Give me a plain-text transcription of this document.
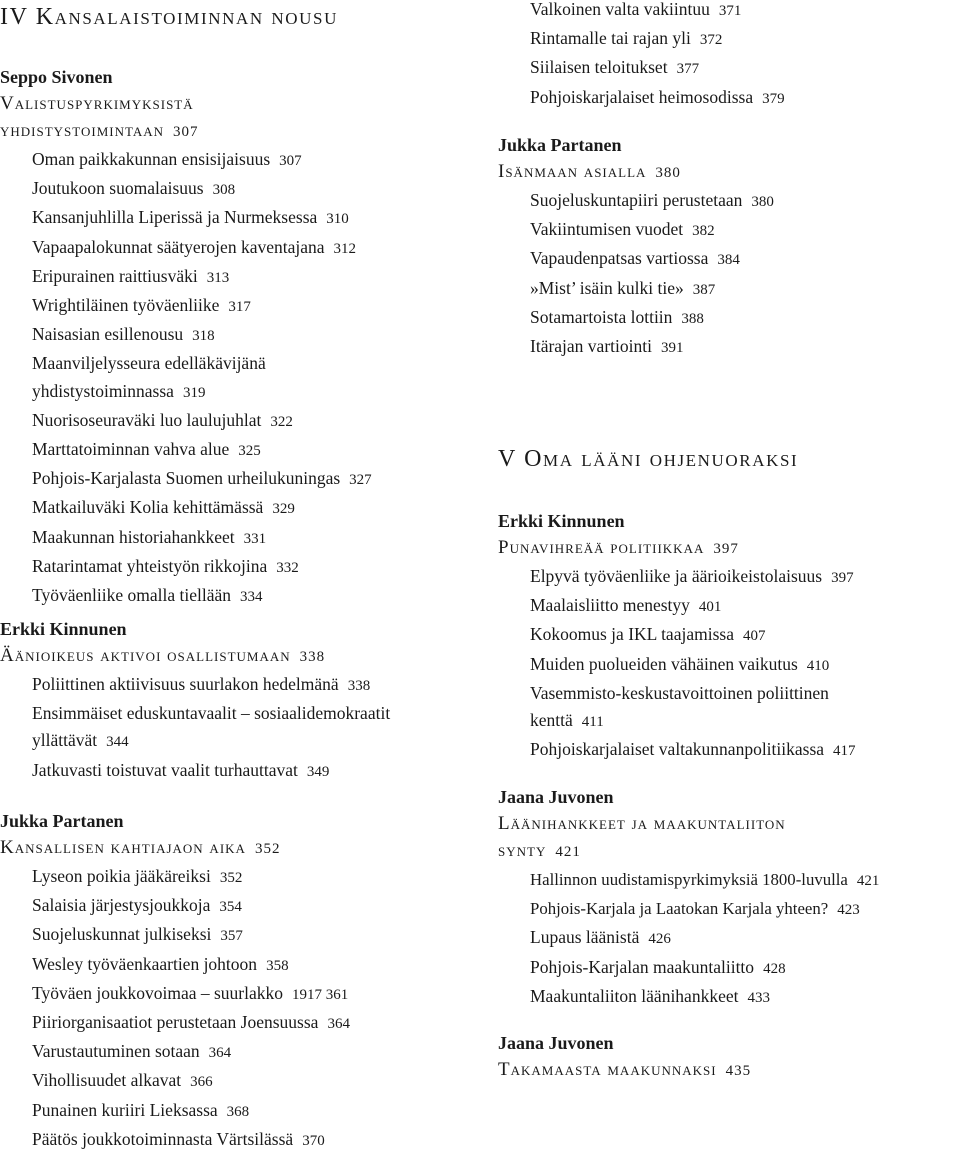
IV Kansalaistoiminnan nousu
Seppo Sivonen
Valistuspyrkimyksistä
yhdistystoimintaan 307
Oman paikkakunnan ensisijaisuus 307
Joutukoon suomalaisuus 308
Kansanjuhlilla Liperissä ja Nurmeksessa 310
Vapaapalokunnat säätyerojen kaventajana 312
Eripurainen raittiusväki 313
Wrightiläinen työväenliike 317
Naisasian esillenousu 318
Maanviljelysseura edelläkävijänä
yhdistystoiminnassa 319
Nuorisoseuraväki luo laulujuhlat 322
Marttatoiminnan vahva alue 325
Pohjois-Karjalasta Suomen urheilukuningas 327
Matkailuväki Kolia kehittämässä 329
Maakunnan historiahankkeet 331
Ratarintamat yhteistyön rikkojina 332
Työväenliike omalla tiellään 334
Erkki Kinnunen
Äänioikeus aktivoi osallistumaan 338
Poliittinen aktiivisuus suurlakon hedelmänä 338
Ensimmäiset eduskuntavaalit – sosiaalidemokraatit
yllättävät 344
Jatkuvasti toistuvat vaalit turhauttavat 349
Jukka Partanen
Kansallisen kahtiajaon aika 352
Lyseon poikia jääkäreiksi 352
Salaisia järjestysjoukkoja 354
Suojeluskunnat julkiseksi 357
Wesley työväenkaartien johtoon 358
Työväen joukkovoimaa – suurlakko 1917 361
Piiriorganisaatiot perustetaan Joensuussa 364
Varustautuminen sotaan 364
Vihollisuudet alkavat 366
Punainen kuriiri Lieksassa 368
Päätös joukkotoiminnasta Värtsilässä 370
Valkoinen valta vakiintuu 371
Rintamalle tai rajan yli 372
Siilaisen teloitukset 377
Pohjoiskarjalaiset heimosodissa 379
Jukka Partanen
Isänmaan asialla 380
Suojeluskuntapiiri perustetaan 380
Vakiintumisen vuodet 382
Vapaudenpatsas vartiossa 384
»Mist’ isäin kulki tie» 387
Sotamartoista lottiin 388
Itärajan vartiointi 391
V Oma lääni ohjenuoraksi
Erkki Kinnunen
Punavihreää politiikkaa 397
Elpyvä työväenliike ja äärioikeistolaisuus 397
Maalaisliitto menestyy 401
Kokoomus ja IKL taajamissa 407
Muiden puolueiden vähäinen vaikutus 410
Vasemmisto-keskustavoittoinen poliittinen
kenttä 411
Pohjoiskarjalaiset valtakunnanpolitiikassa 417
Jaana Juvonen
Läänihankkeet ja maakuntaliiton
synty 421
Hallinnon uudistamispyrkimyksiä 1800-luvulla 421
Pohjois-Karjala ja Laatokan Karjala yhteen? 423
Lupaus läänistä 426
Pohjois-Karjalan maakuntaliitto 428
Maakuntaliiton läänihankkeet 433
Jaana Juvonen
Takamaasta maakunnaksi 435
